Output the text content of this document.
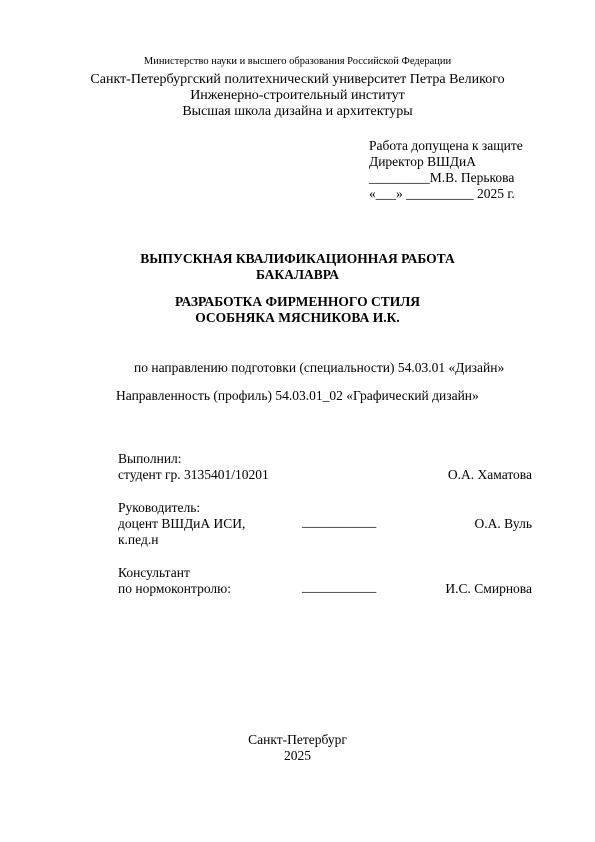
Министерство науки и высшего образования Российской Федерации
Санкт-Петербургский политехнический университет Петра Великого
Инженерно-строительный институт
Высшая школа дизайна и архитектуры
Работа допущена к защите
Директор ВШДиА
_________М.В. Перькова
«___» __________ 2025 г.
ВЫПУСКНАЯ КВАЛИФИКАЦИОННАЯ РАБОТА
БАКАЛАВРА
РАЗРАБОТКА ФИРМЕННОГО СТИЛЯ
ОСОБНЯКА МЯСНИКОВА И.К.
по направлению подготовки (специальности) 54.03.01 «Дизайн»
Направленность (профиль) 54.03.01_02 «Графический дизайн»
Выполнил:
студент гр. 3135401/10201	О.А. Хаматова
Руководитель:
доцент ВШДиА ИСИ,
к.пед.н
___________	О.А. Вуль
Консультант
по нормоконтролю:	___________	И.С. Смирнова
Санкт-Петербург
2025
